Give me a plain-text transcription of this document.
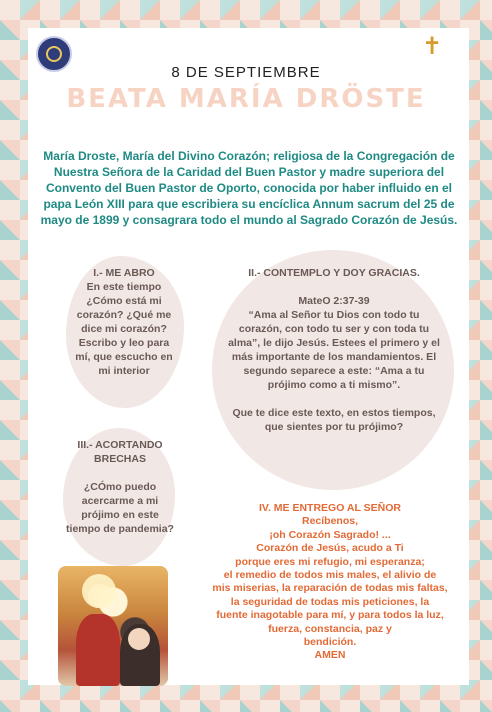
✝
8 DE SEPTIEMBRE
BEATA MARÍA DRÖSTE
María Droste, María del Divino Corazón; religiosa de la Congregación de Nuestra Señora de la Caridad del Buen Pastor y madre superiora del Convento del Buen Pastor de Oporto, conocida por haber influido en el papa León XIII para que escribiera su encíclica Annum sacrum del 25 de mayo de 1899 y consagrara todo el mundo al Sagrado Corazón de Jesús.
I.- ME ABRO
En este tiempo ¿Cómo está mi corazón? ¿Qué me dice mi corazón? Escribo y leo para mí, que escucho en mi interior
II.- CONTEMPLO Y DOY GRACIAS.
MateO 2:37-39
“Ama al Señor tu Dios con todo tu corazón, con todo tu ser y con toda tu alma”, le dijo Jesús. Estees el primero y el más importante de los mandamientos. El segundo separece a este: “Ama a tu prójimo como a ti mismo”.
Que te dice este texto, en estos tiempos, que sientes por tu prójimo?
III.- ACORTANDO BRECHAS
¿CÓmo puedo acercarme a mi prójimo en este tiempo de pandemia?
IV. ME ENTREGO AL SEÑOR
Recíbenos,
¡oh Corazón Sagrado! ...
Corazón de Jesús, acudo a Ti
porque eres mi refugio, mi esperanza;
el remedio de todos mis males, el alivio de
mis miserias, la reparación de todas mis faltas,
la seguridad de todas mis peticiones, la
fuente inagotable para mí, y para todos la luz,
fuerza, constancia, paz y
bendición.
AMEN
